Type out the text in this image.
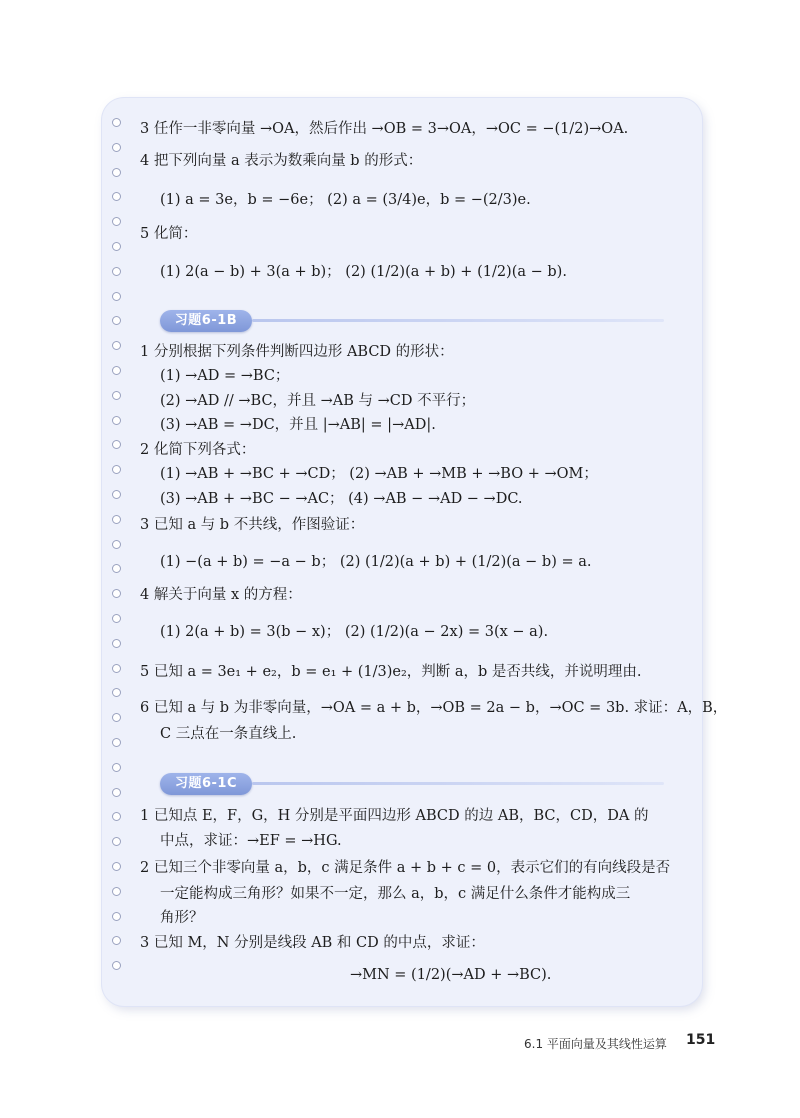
3 任作一非零向量 →OA，然后作出 →OB = 3→OA，→OC = −(1/2)→OA.
4 把下列向量 a 表示为数乘向量 b 的形式：
(1) a = 3e，b = −6e； (2) a = (3/4)e，b = −(2/3)e.
5 化简：
(1) 2(a − b) + 3(a + b)； (2) (1/2)(a + b) + (1/2)(a − b).
习题6-1B
1 分别根据下列条件判断四边形 ABCD 的形状：
(1) →AD = →BC；
(2) →AD // →BC，并且 →AB 与 →CD 不平行；
(3) →AB = →DC，并且 |→AB| = |→AD|.
2 化简下列各式：
(1) →AB + →BC + →CD； (2) →AB + →MB + →BO + →OM；
(3) →AB + →BC − →AC； (4) →AB − →AD − →DC.
3 已知 a 与 b 不共线，作图验证：
(1) −(a + b) = −a − b； (2) (1/2)(a + b) + (1/2)(a − b) = a.
4 解关于向量 x 的方程：
(1) 2(a + b) = 3(b − x)； (2) (1/2)(a − 2x) = 3(x − a).
5 已知 a = 3e₁ + e₂，b = e₁ + (1/3)e₂，判断 a，b 是否共线，并说明理由.
6 已知 a 与 b 为非零向量，→OA = a + b，→OB = 2a − b，→OC = 3b. 求证：A，B，
C 三点在一条直线上.
习题6-1C
1 已知点 E，F，G，H 分别是平面四边形 ABCD 的边 AB，BC，CD，DA 的
中点，求证：→EF = →HG.
2 已知三个非零向量 a，b，c 满足条件 a + b + c = 0，表示它们的有向线段是否
一定能构成三角形？如果不一定，那么 a，b，c 满足什么条件才能构成三
角形？
3 已知 M，N 分别是线段 AB 和 CD 的中点，求证：
→MN = (1/2)(→AD + →BC).
6.1 平面向量及其线性运算 151
